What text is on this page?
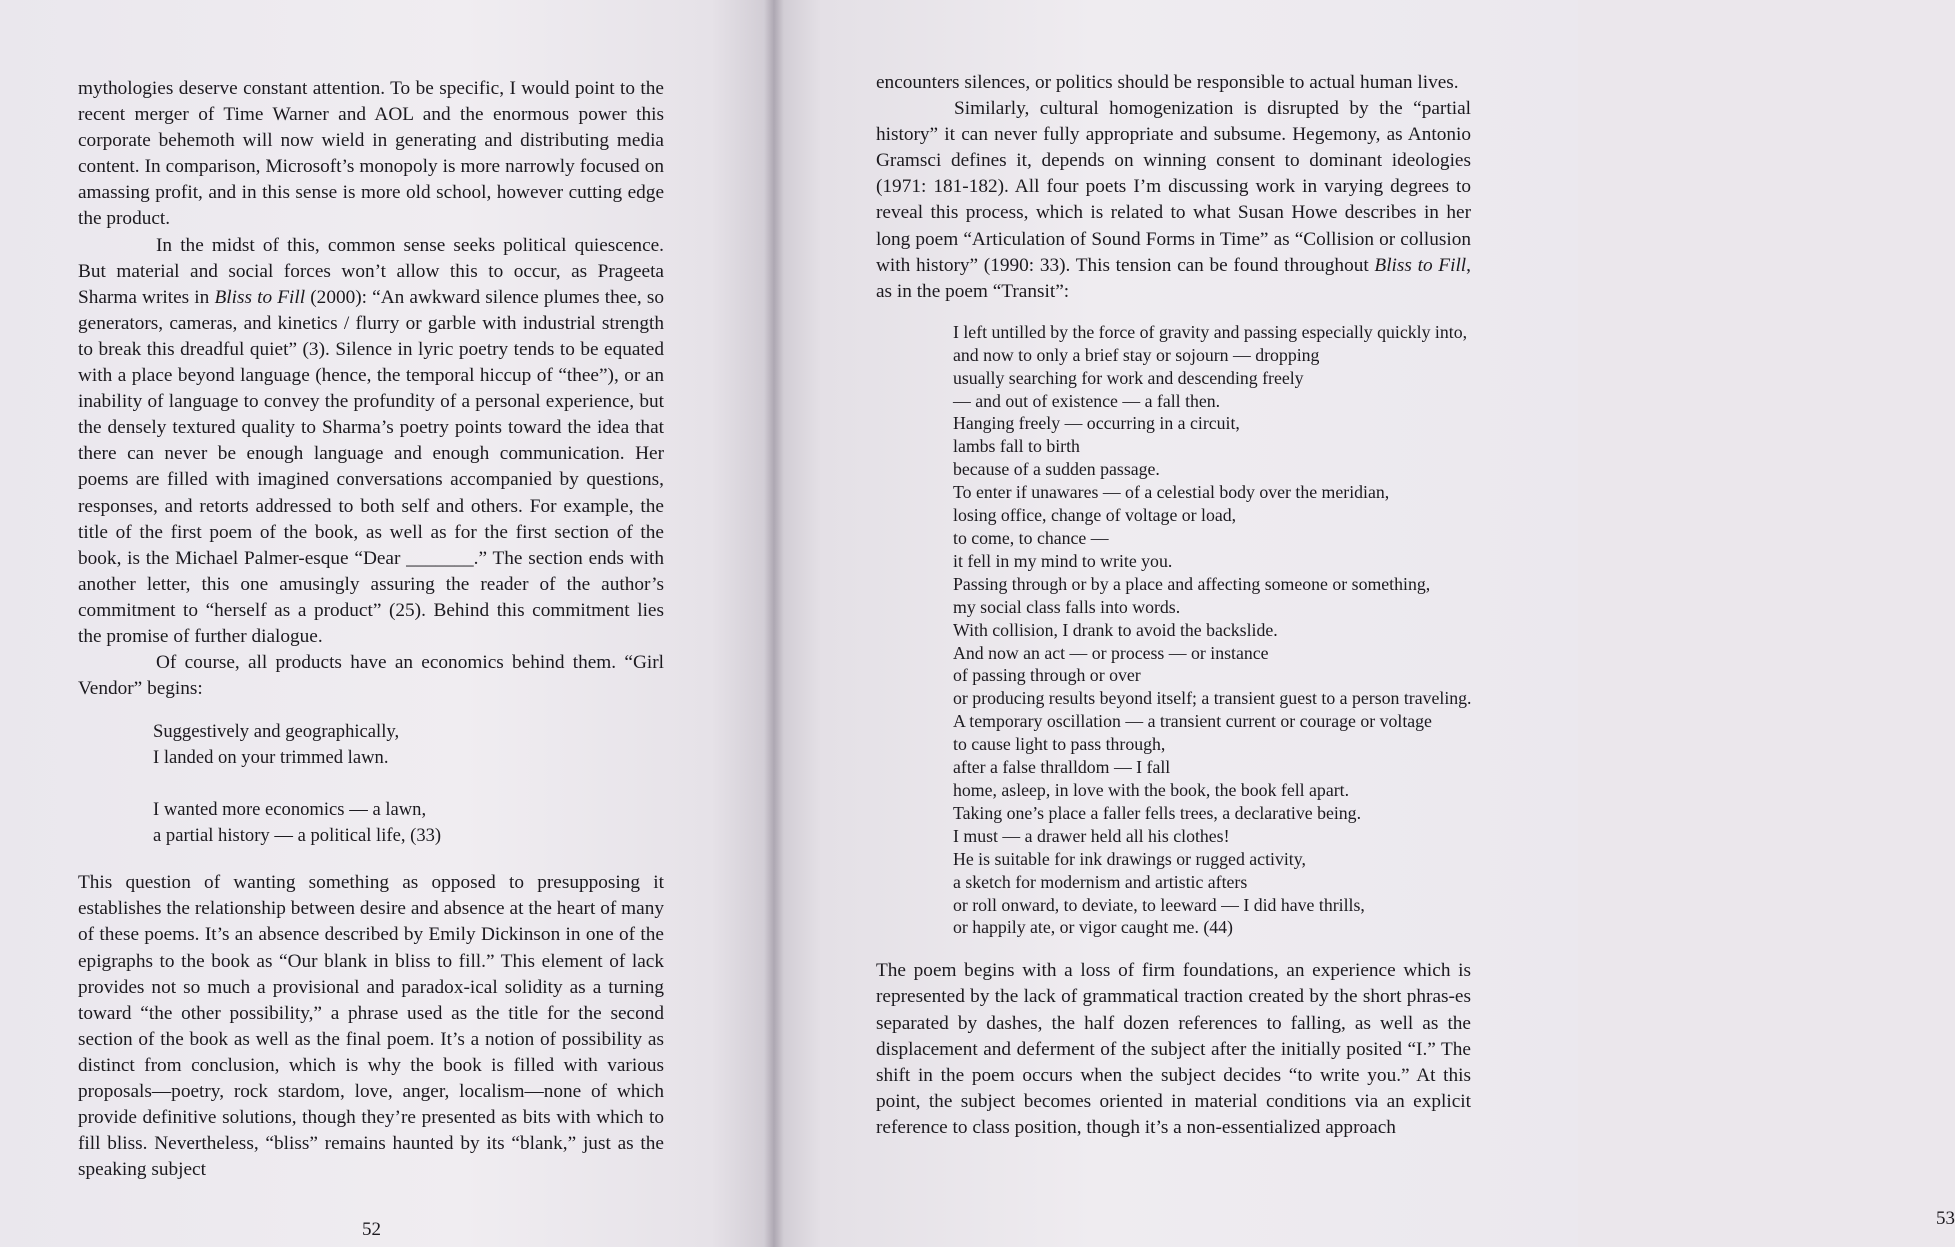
mythologies deserve constant attention. To be specific, I would point to the recent merger of Time Warner and AOL and the enormous power this corporate behemoth will now wield in generating and distributing media content. In comparison, Microsoft’s monopoly is more narrowly focused on amassing profit, and in this sense is more old school, however cutting edge the product.

In the midst of this, common sense seeks political quiescence. But material and social forces won’t allow this to occur, as Prageeta Sharma writes in Bliss to Fill (2000): “An awkward silence plumes thee, so generators, cameras, and kinetics / flurry or garble with industrial strength to break this dreadful quiet” (3). Silence in lyric poetry tends to be equated with a place beyond language (hence, the temporal hiccup of “thee”), or an inability of language to convey the profundity of a personal experience, but the densely textured quality to Sharma’s poetry points toward the idea that there can never be enough language and enough communication. Her poems are filled with imagined conversations accompanied by questions, responses, and retorts addressed to both self and others. For example, the title of the first poem of the book, as well as for the first section of the book, is the Michael Palmer-esque “Dear _______.” The section ends with another letter, this one amusingly assuring the reader of the author’s commitment to “herself as a product” (25). Behind this commitment lies the promise of further dialogue.

Of course, all products have an economics behind them. “Girl Vendor” begins:

Suggestively and geographically,
I landed on your trimmed lawn.
I wanted more economics — a lawn,
a partial history — a political life, (33)

This question of wanting something as opposed to presupposing it establishes the relationship between desire and absence at the heart of many of these poems. It’s an absence described by Emily Dickinson in one of the epigraphs to the book as “Our blank in bliss to fill.” This element of lack provides not so much a provisional and paradox-ical solidity as a turning toward “the other possibility,” a phrase used as the title for the second section of the book as well as the final poem. It’s a notion of possibility as distinct from conclusion, which is why the book is filled with various proposals—poetry, rock stardom, love, anger, localism—none of which provide definitive solutions, though they’re presented as bits with which to fill bliss. Nevertheless, “bliss” remains haunted by its “blank,” just as the speaking subject

52

encounters silences, or politics should be responsible to actual human lives.

Similarly, cultural homogenization is disrupted by the “partial history” it can never fully appropriate and subsume. Hegemony, as Antonio Gramsci defines it, depends on winning consent to dominant ideologies (1971: 181-182). All four poets I’m discussing work in varying degrees to reveal this process, which is related to what Susan Howe describes in her long poem “Articulation of Sound Forms in Time” as “Collision or collusion with history” (1990: 33). This tension can be found throughout Bliss to Fill, as in the poem “Transit”:

I left untilled by the force of gravity and passing especially quickly into,
and now to only a brief stay or sojourn — dropping
usually searching for work and descending freely
— and out of existence — a fall then.
Hanging freely — occurring in a circuit,
lambs fall to birth
because of a sudden passage.
To enter if unawares — of a celestial body over the meridian,
losing office, change of voltage or load,
to come, to chance —
it fell in my mind to write you.
Passing through or by a place and affecting someone or something,
my social class falls into words.
With collision, I drank to avoid the backslide.
And now an act — or process — or instance
of passing through or over
or producing results beyond itself; a transient guest to a person traveling.
A temporary oscillation — a transient current or courage or voltage
to cause light to pass through,
after a false thralldom — I fall
home, asleep, in love with the book, the book fell apart.
Taking one’s place a faller fells trees, a declarative being.
I must — a drawer held all his clothes!
He is suitable for ink drawings or rugged activity,
a sketch for modernism and artistic afters
or roll onward, to deviate, to leeward — I did have thrills,
or happily ate, or vigor caught me. (44)

The poem begins with a loss of firm foundations, an experience which is represented by the lack of grammatical traction created by the short phras-es separated by dashes, the half dozen references to falling, as well as the displacement and deferment of the subject after the initially posited “I.” The shift in the poem occurs when the subject decides “to write you.” At this point, the subject becomes oriented in material conditions via an explicit reference to class position, though it’s a non-essentialized approach

53
